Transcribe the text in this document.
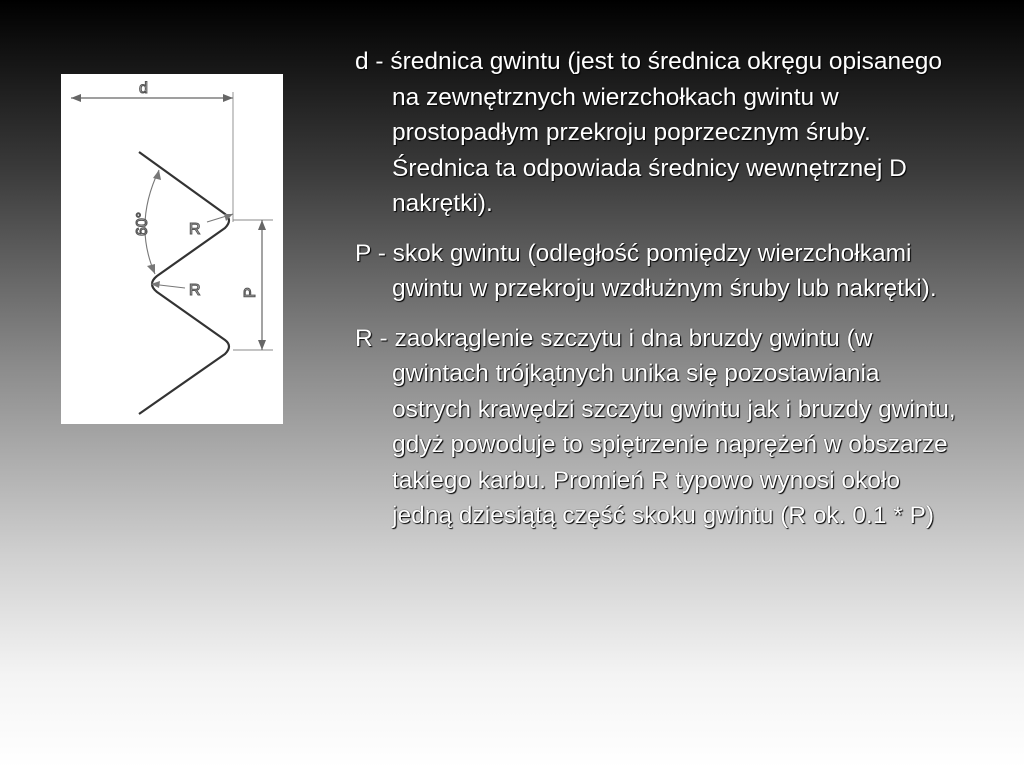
d
60° R
R	P

d - średnica gwintu (jest to średnica okręgu opisanego na zewnętrznych wierzchołkach gwintu w prostopadłym przekroju poprzecznym śruby. Średnica ta odpowiada średnicy wewnętrznej D nakrętki).

P - skok gwintu (odległość pomiędzy wierzchołkami gwintu w przekroju wzdłużnym śruby lub nakrętki).

R - zaokrąglenie szczytu i dna bruzdy gwintu (w gwintach trójkątnych unika się pozostawiania ostrych krawędzi szczytu gwintu jak i bruzdy gwintu, gdyż powoduje to spiętrzenie naprężeń w obszarze takiego karbu. Promień R typowo wynosi około jedną dziesiątą część skoku gwintu (R ok. 0.1 * P)
